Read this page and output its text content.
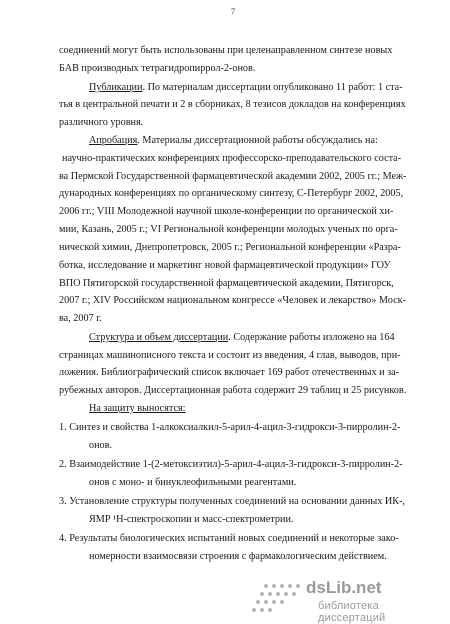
7
соединений могут быть использованы при целенаправленном синтезе новых
БАВ производных тетрагидропиррол-2-онов.
Публикации. По материалам диссертации опубликовано 11 работ: 1 ста-
тья в центральной печати и 2 в сборниках, 8 тезисов докладов на конференциях
различного уровня.
Апробация. Материалы диссертационной работы обсуждались на:
научно-практических конференциях профессорско-преподавательского соста-
ва Пермской Государственной фармацевтической академии 2002, 2005 гг.; Меж-
дународных конференциях по органическому синтезу, С-Петербург 2002, 2005,
2006 гг.; VIII Молодежной научной школе-конференции по органической хи-
мии, Казань, 2005 г.; VI Региональной конференции молодых ученых по орга-
нической химии, Днепропетровск, 2005 г.; Региональной конференции «Разра-
ботка, исследование и маркетинг новой фармацевтической продукции» ГОУ
ВПО Пятигорской государственной фармацевтической академии, Пятигорск,
2007 г.; XIV Российском национальном конгрессе «Человек и лекарство» Моск-
ва, 2007 г.
Структура и объем диссертации. Содержание работы изложено на 164
страницах машинописного текста и состоит из введения, 4 глав, выводов, при-
ложения. Библиографический список включает 169 работ отечественных и за-
рубежных авторов. Диссертационная работа содержит 29 таблиц и 25 рисунков.
На защиту выносятся:
1. Синтез и свойства 1-алкоксиалкил-5-арил-4-ацил-3-гидрокси-3-пирролин-2-
онов.
2. Взаимодействие 1-(2-метоксиэтил)-5-арил-4-ацил-3-гидрокси-3-пирролин-2-
онов с моно- и бинуклеофильными реагентами.
3. Установление структуры полученных соединений на основании данных ИК-,
ЯМР ¹Н-спектроскопии и масс-спектрометрии.
4. Результаты биологических испытаний новых соединений и некоторые зако-
номерности взаимосвязи строения с фармакологическим действием.
dsLib.net
библиотека диссертаций
